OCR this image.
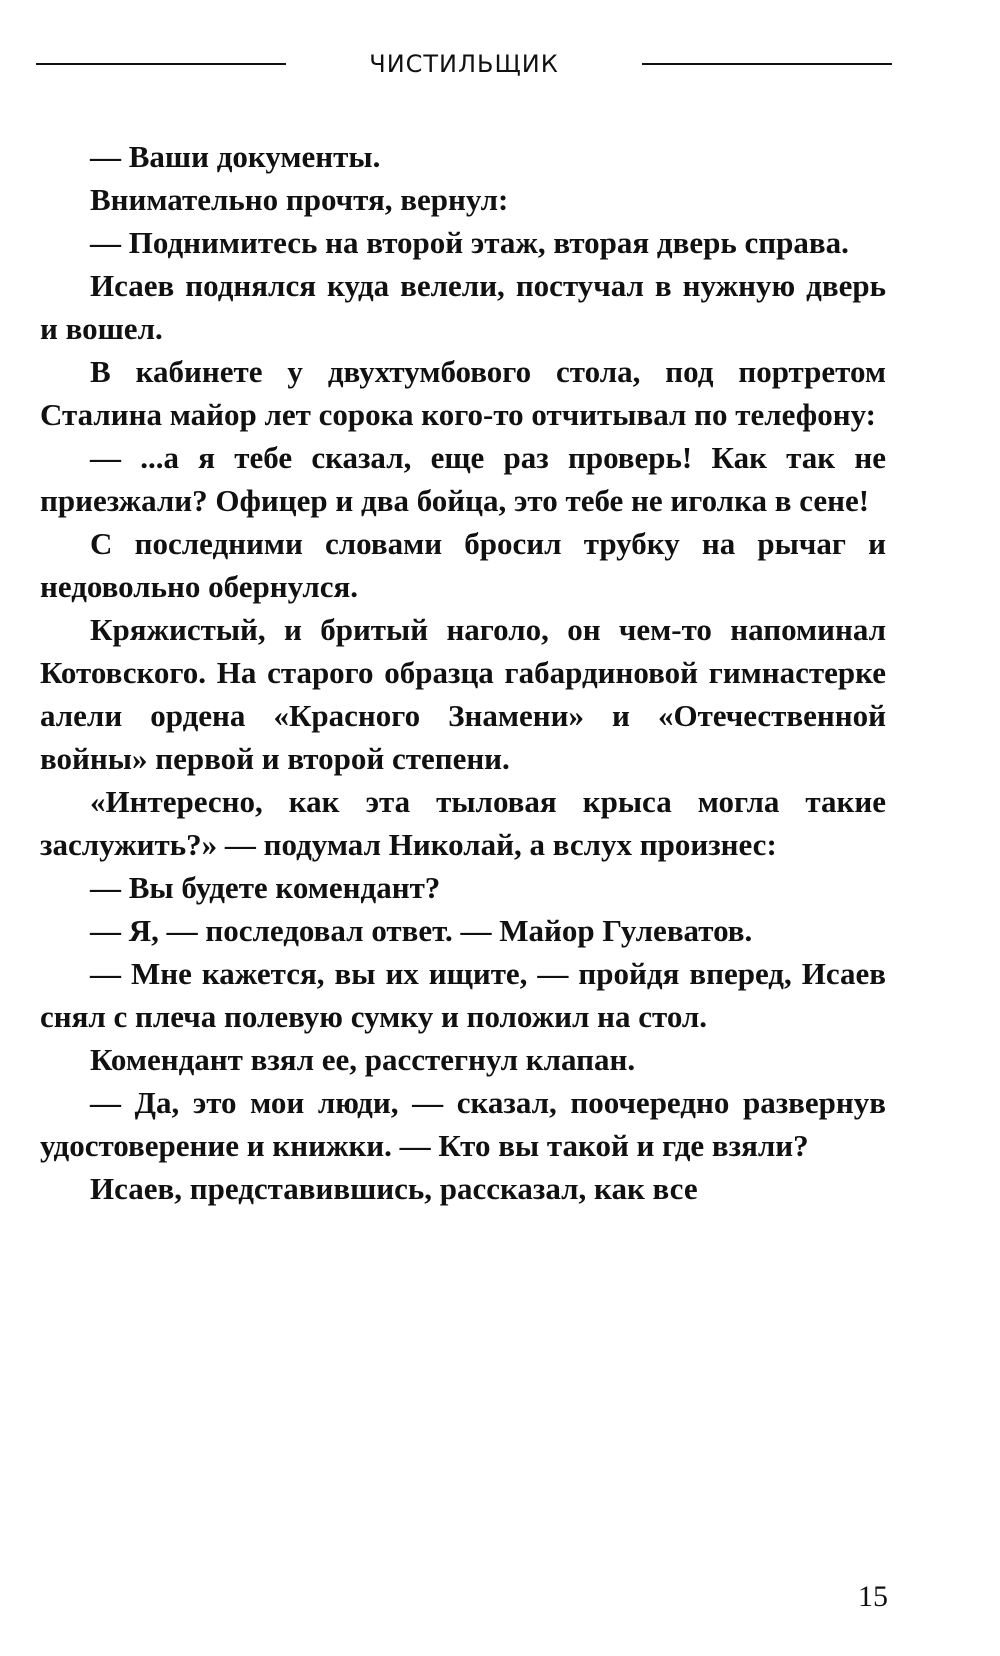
ЧИСТИЛЬЩИК

— Ваши документы.

Внимательно прочтя, вернул:

— Поднимитесь на второй этаж, вторая дверь справа.

Исаев поднялся куда велели, постучал в нужную дверь и вошел.

В кабинете у двухтумбового стола, под портретом Сталина майор лет сорока кого-то отчитывал по телефону:

— ...а я тебе сказал, еще раз проверь! Как так не приезжали? Офицер и два бойца, это тебе не иголка в сене!

С последними словами бросил трубку на рычаг и недовольно обернулся.

Кряжистый, и бритый наголо, он чем-то напоминал Котовского. На старого образца габардиновой гимнастерке алели ордена «Красного Знамени» и «Отечественной войны» первой и второй степени.

«Интересно, как эта тыловая крыса могла такие заслужить?» — подумал Николай, а вслух произнес:

— Вы будете комендант?

— Я, — последовал ответ. — Майор Гулеватов.

— Мне кажется, вы их ищите, — пройдя вперед, Исаев снял с плеча полевую сумку и положил на стол.

Комендант взял ее, расстегнул клапан.

— Да, это мои люди, — сказал, поочередно развернув удостоверение и книжки. — Кто вы такой и где взяли?

Исаев, представившись, рассказал, как все

15
